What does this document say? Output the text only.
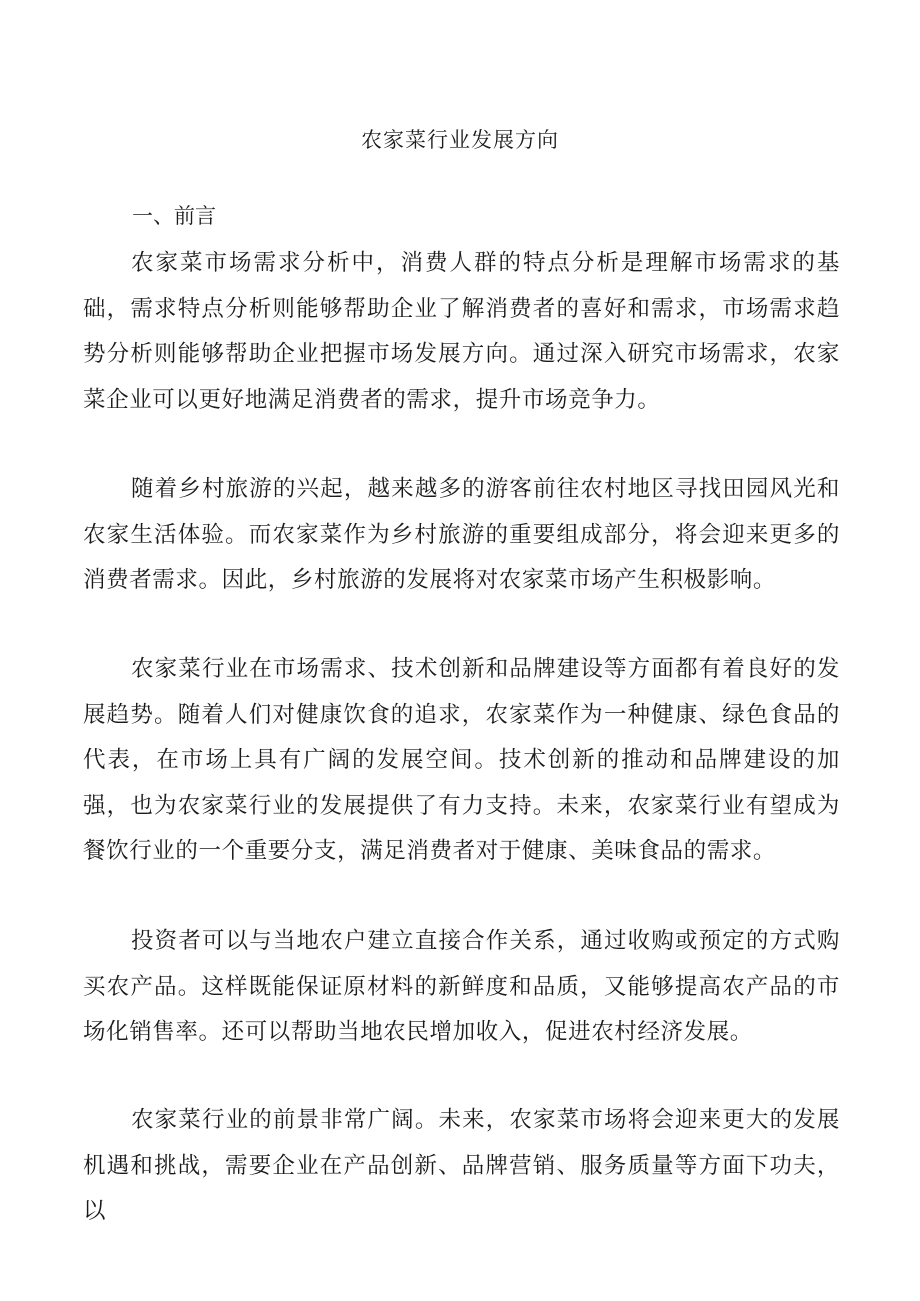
农家菜行业发展方向
一、前言

农家菜市场需求分析中，消费人群的特点分析是理解市场需求的基础，需求特点分析则能够帮助企业了解消费者的喜好和需求，市场需求趋势分析则能够帮助企业把握市场发展方向。通过深入研究市场需求，农家菜企业可以更好地满足消费者的需求，提升市场竞争力。

随着乡村旅游的兴起，越来越多的游客前往农村地区寻找田园风光和农家生活体验。而农家菜作为乡村旅游的重要组成部分，将会迎来更多的消费者需求。因此，乡村旅游的发展将对农家菜市场产生积极影响。

农家菜行业在市场需求、技术创新和品牌建设等方面都有着良好的发展趋势。随着人们对健康饮食的追求，农家菜作为一种健康、绿色食品的代表，在市场上具有广阔的发展空间。技术创新的推动和品牌建设的加强，也为农家菜行业的发展提供了有力支持。未来，农家菜行业有望成为餐饮行业的一个重要分支，满足消费者对于健康、美味食品的需求。

投资者可以与当地农户建立直接合作关系，通过收购或预定的方式购买农产品。这样既能保证原材料的新鲜度和品质，又能够提高农产品的市场化销售率。还可以帮助当地农民增加收入，促进农村经济发展。

农家菜行业的前景非常广阔。未来，农家菜市场将会迎来更大的发展机遇和挑战，需要企业在产品创新、品牌营销、服务质量等方面下功夫，以
